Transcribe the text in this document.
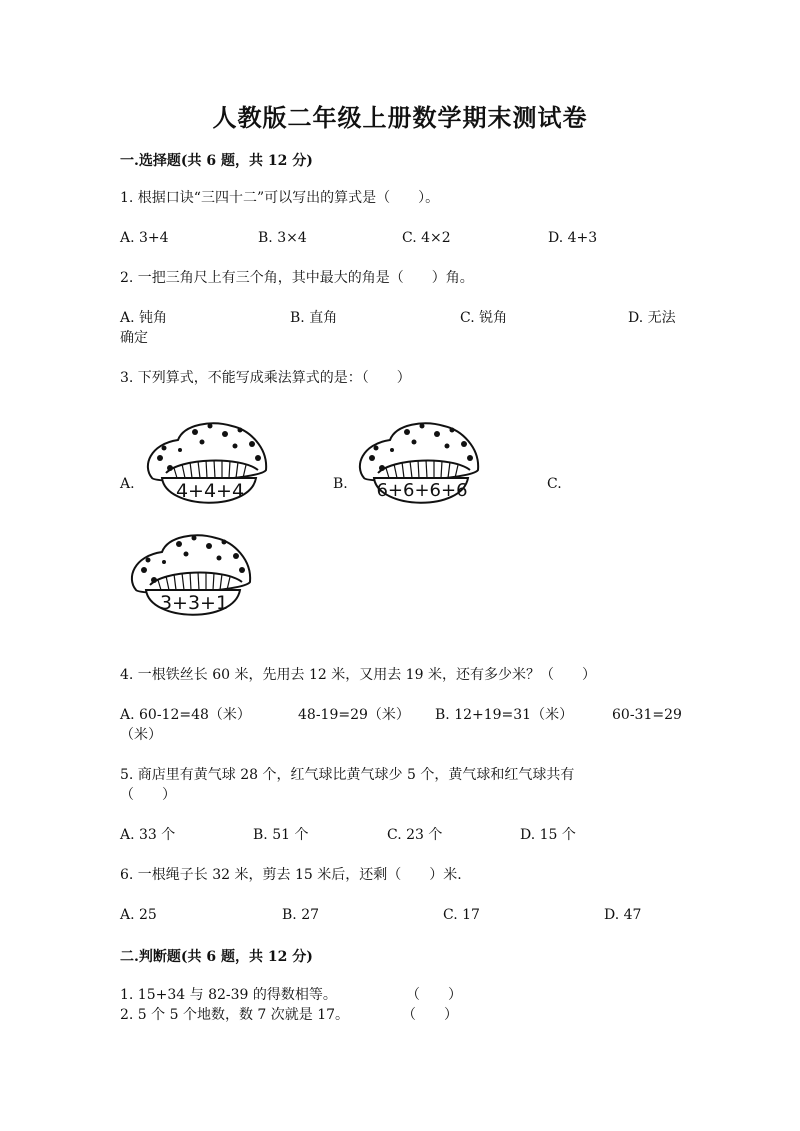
人教版二年级上册数学期末测试卷
一.选择题(共 6 题，共 12 分)
1. 根据口诀“三四十二”可以写出的算式是（　　）。
A. 3+4	B. 3×4	C. 4×2	D. 4+3
2. 一把三角尺上有三个角，其中最大的角是（　　）角。
A. 钝角	B. 直角	C. 锐角	D. 无法
确定
3. 下列算式，不能写成乘法算式的是：（　　）
A.	B.	C.
4+4+4	6+6+6+6
3+3+1
4. 一根铁丝长 60 米，先用去 12 米，又用去 19 米，还有多少米？（　　）
A. 60-12=48（米）	48-19=29（米） B. 12+19=31（米）	60-31=29
（米）
5. 商店里有黄气球 28 个，红气球比黄气球少 5 个，黄气球和红气球共有
（　　）
A. 33 个	B. 51 个	C. 23 个	D. 15 个
6. 一根绳子长 32 米，剪去 15 米后，还剩（　　）米.
A. 25	B. 27	C. 17	D. 47
二.判断题(共 6 题，共 12 分)
1. 15+34 与 82-39 的得数相等。	（　　）
2. 5 个 5 个地数，数 7 次就是 17。	（　　）
